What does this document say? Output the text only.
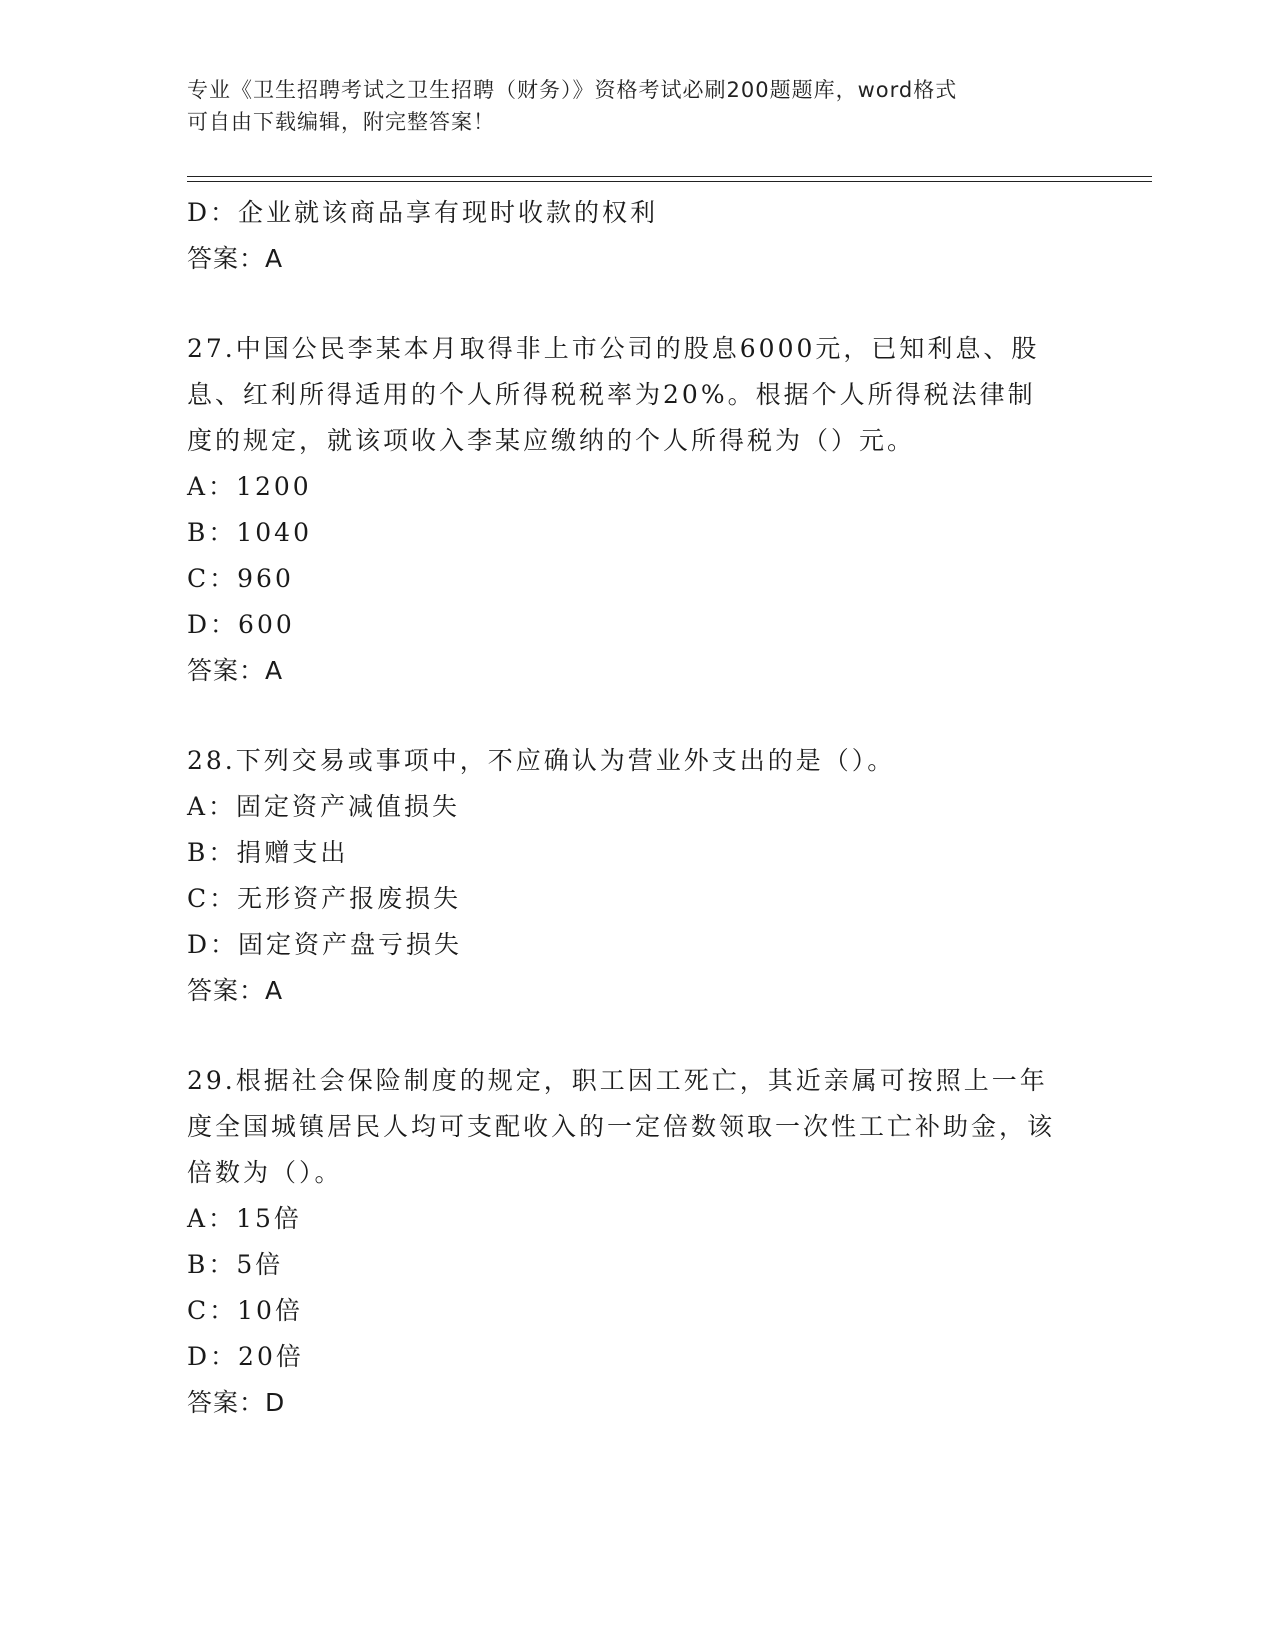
专业《卫生招聘考试之卫生招聘（财务）》资格考试必刷200题题库，word格式
可自由下载编辑，附完整答案！
D：企业就该商品享有现时收款的权利
答案：A
27.中国公民李某本月取得非上市公司的股息6000元，已知利息、股息、红利所得适用的个人所得税税率为20%。根据个人所得税法律制度的规定，就该项收入李某应缴纳的个人所得税为（）元。
A：1200
B：1040
C：960
D：600
答案：A
28.下列交易或事项中，不应确认为营业外支出的是（）。
A：固定资产减值损失
B：捐赠支出
C：无形资产报废损失
D：固定资产盘亏损失
答案：A
29.根据社会保险制度的规定，职工因工死亡，其近亲属可按照上一年度全国城镇居民人均可支配收入的一定倍数领取一次性工亡补助金，该倍数为（）。
A：15倍
B：5倍
C：10倍
D：20倍
答案：D
